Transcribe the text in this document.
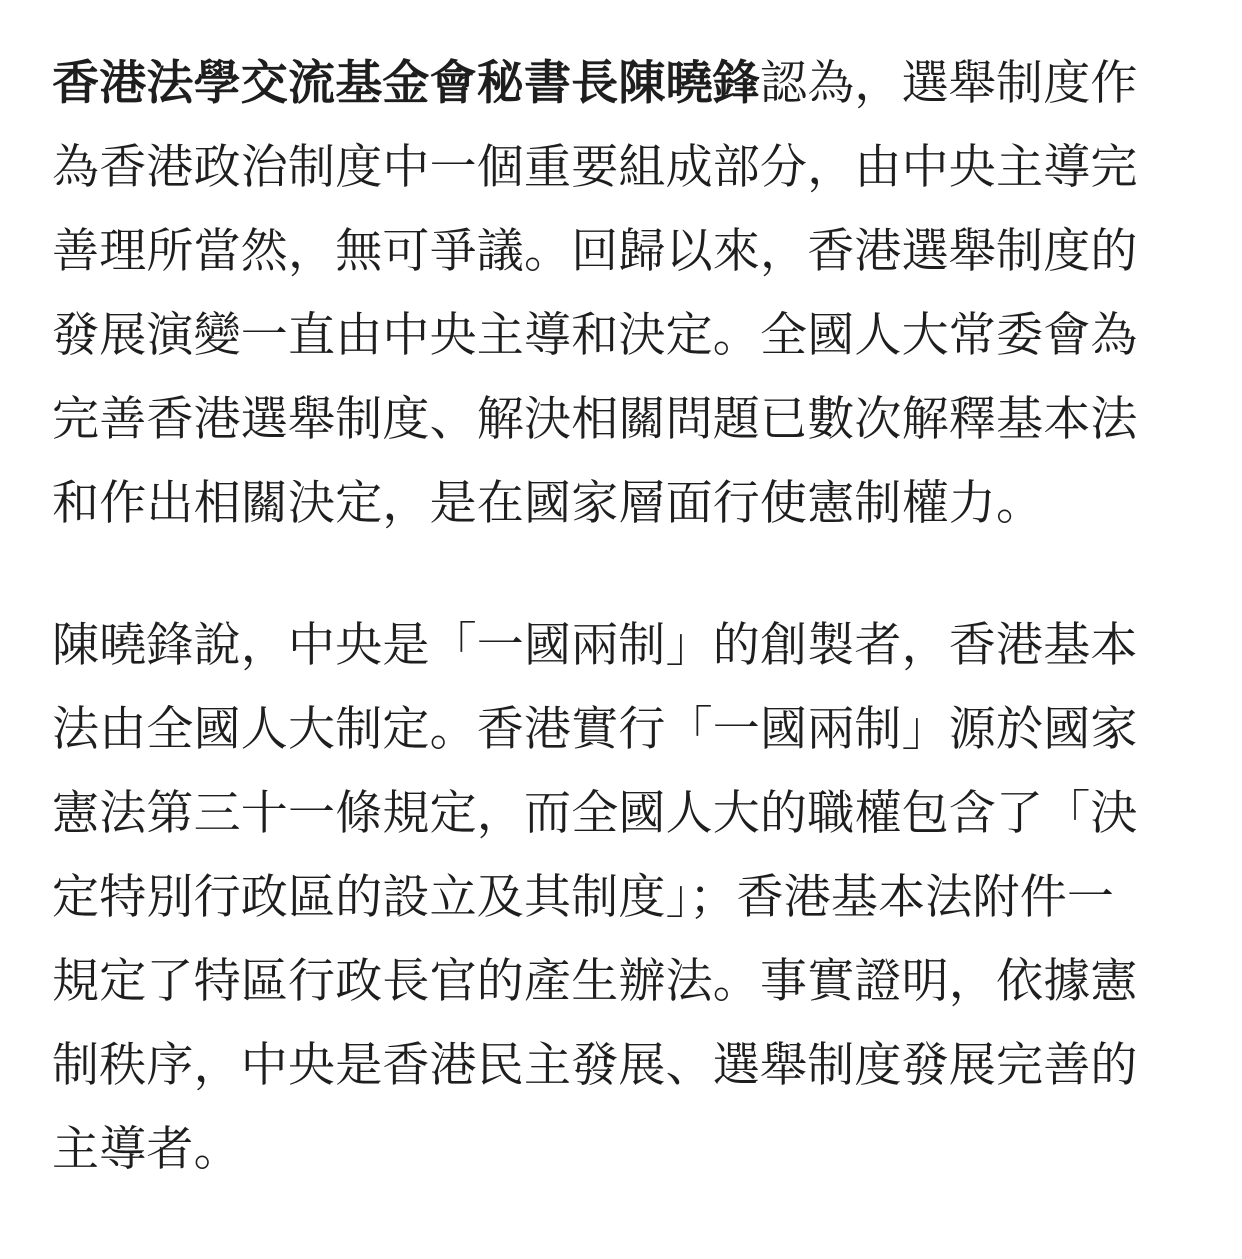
香港法學交流基金會秘書長陳曉鋒認為，選舉制度作
為香港政治制度中一個重要組成部分，由中央主導完
善理所當然，無可爭議。回歸以來，香港選舉制度的
發展演變一直由中央主導和決定。全國人大常委會為
完善香港選舉制度、解決相關問題已數次解釋基本法
和作出相關決定，是在國家層面行使憲制權力。
陳曉鋒說，中央是「一國兩制」的創製者，香港基本
法由全國人大制定。香港實行「一國兩制」源於國家
憲法第三十一條規定，而全國人大的職權包含了「決
定特別行政區的設立及其制度」；香港基本法附件一
規定了特區行政長官的產生辦法。事實證明，依據憲
制秩序，中央是香港民主發展、選舉制度發展完善的
主導者。
